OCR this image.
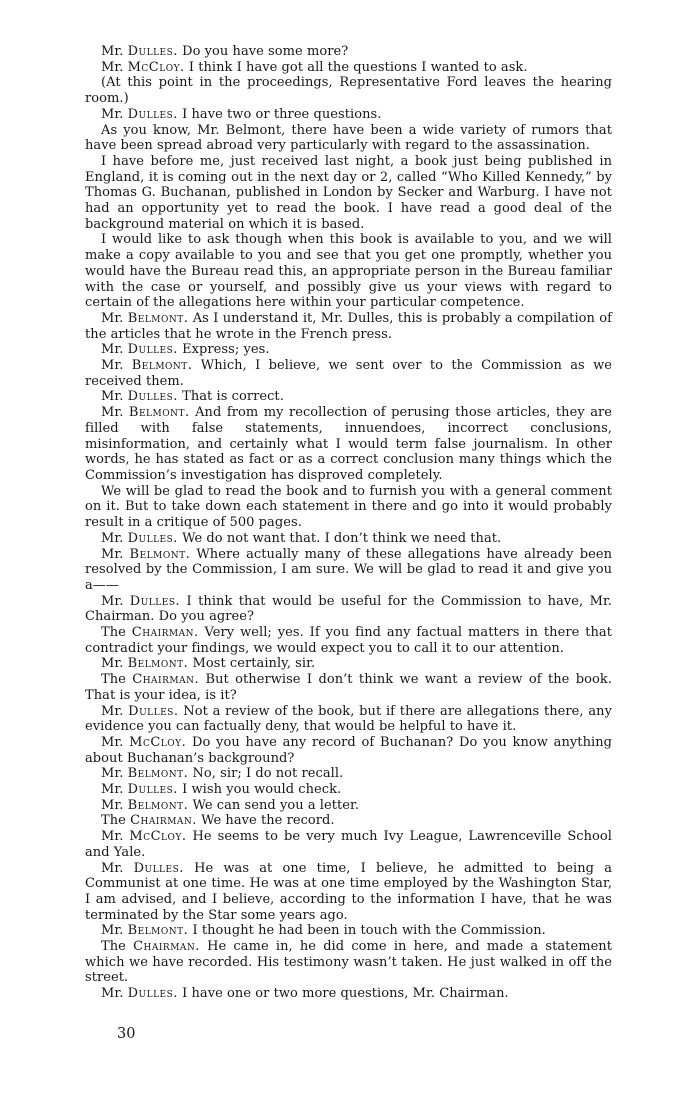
Mr. Dulles. Do you have some more?

Mr. McCloy. I think I have got all the questions I wanted to ask.

(At this point in the proceedings, Representative Ford leaves the hearing room.)

Mr. Dulles. I have two or three questions.

As you know, Mr. Belmont, there have been a wide variety of rumors that have been spread abroad very particularly with regard to the assassination.

I have before me, just received last night, a book just being published in England, it is coming out in the next day or 2, called “Who Killed Kennedy,” by Thomas G. Buchanan, published in London by Secker and Warburg. I have not had an opportunity yet to read the book. I have read a good deal of the background material on which it is based.

I would like to ask though when this book is available to you, and we will make a copy available to you and see that you get one promptly, whether you would have the Bureau read this, an appropriate person in the Bureau familiar with the case or yourself, and possibly give us your views with regard to certain of the allegations here within your particular competence.

Mr. Belmont. As I understand it, Mr. Dulles, this is probably a compilation of the articles that he wrote in the French press.

Mr. Dulles. Express; yes.

Mr. Belmont. Which, I believe, we sent over to the Commission as we received them.

Mr. Dulles. That is correct.

Mr. Belmont. And from my recollection of perusing those articles, they are filled with false statements, innuendoes, incorrect conclusions, misinformation, and certainly what I would term false journalism. In other words, he has stated as fact or as a correct conclusion many things which the Commission’s investigation has disproved completely.

We will be glad to read the book and to furnish you with a general comment on it. But to take down each statement in there and go into it would probably result in a critique of 500 pages.

Mr. Dulles. We do not want that. I don’t think we need that.

Mr. Belmont. Where actually many of these allegations have already been resolved by the Commission, I am sure. We will be glad to read it and give you a——

Mr. Dulles. I think that would be useful for the Commission to have, Mr. Chairman. Do you agree?

The Chairman. Very well; yes. If you find any factual matters in there that contradict your findings, we would expect you to call it to our attention.

Mr. Belmont. Most certainly, sir.

The Chairman. But otherwise I don’t think we want a review of the book. That is your idea, is it?

Mr. Dulles. Not a review of the book, but if there are allegations there, any evidence you can factually deny, that would be helpful to have it.

Mr. McCloy. Do you have any record of Buchanan? Do you know anything about Buchanan’s background?

Mr. Belmont. No, sir; I do not recall.

Mr. Dulles. I wish you would check.

Mr. Belmont. We can send you a letter.

The Chairman. We have the record.

Mr. McCloy. He seems to be very much Ivy League, Lawrenceville School and Yale.

Mr. Dulles. He was at one time, I believe, he admitted to being a Communist at one time. He was at one time employed by the Washington Star, I am advised, and I believe, according to the information I have, that he was terminated by the Star some years ago.

Mr. Belmont. I thought he had been in touch with the Commission.

The Chairman. He came in, he did come in here, and made a statement which we have recorded. His testimony wasn’t taken. He just walked in off the street.

Mr. Dulles. I have one or two more questions, Mr. Chairman.

30
